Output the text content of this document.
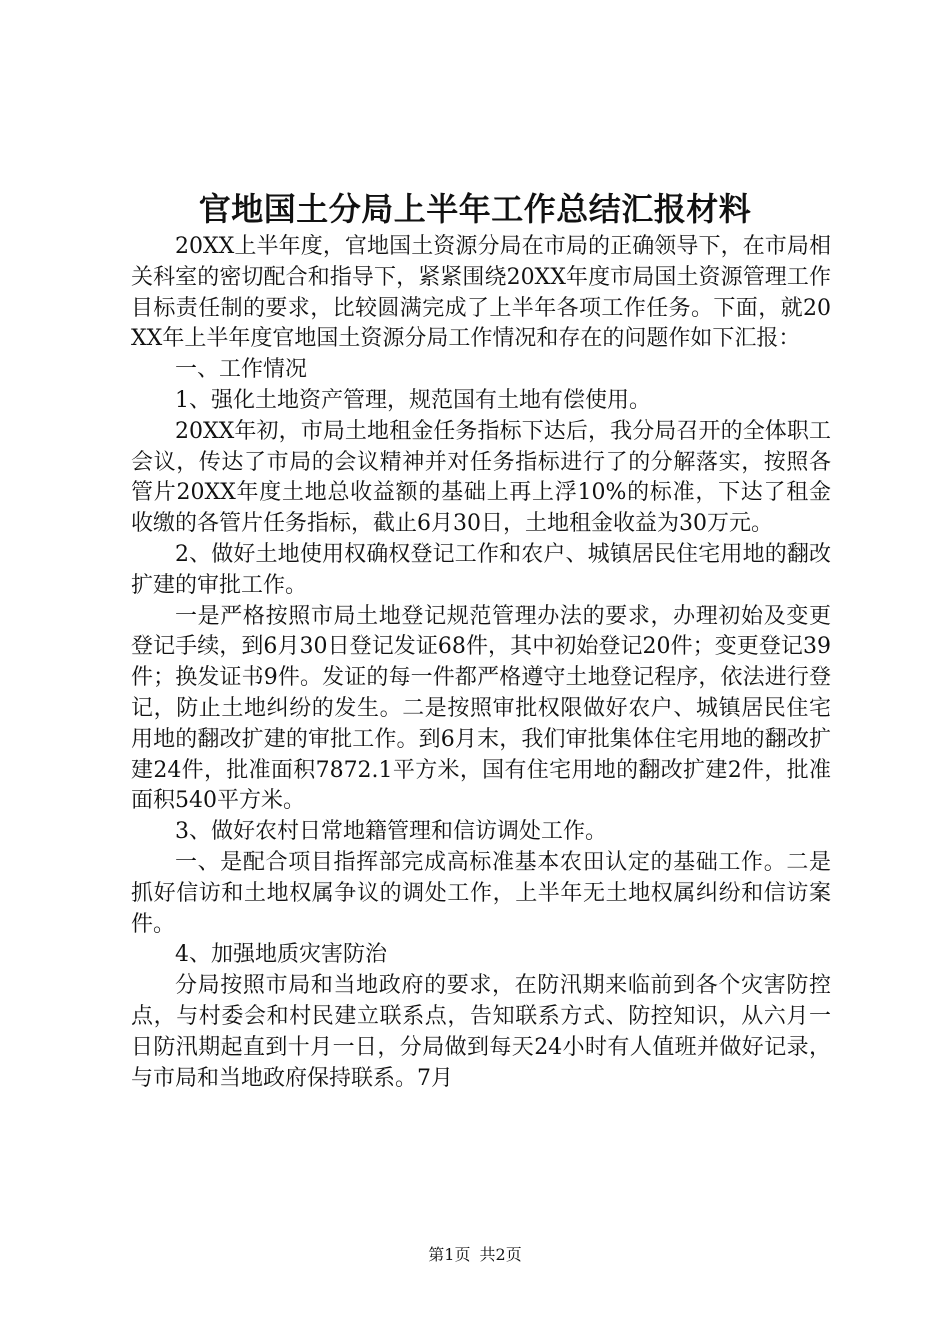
官地国土分局上半年工作总结汇报材料

20XX上半年度，官地国土资源分局在市局的正确领导下，在市局相关科室的密切配合和指导下，紧紧围绕20XX年度市局国土资源管理工作目标责任制的要求，比较圆满完成了上半年各项工作任务。下面，就20XX年上半年度官地国土资源分局工作情况和存在的问题作如下汇报：

一、工作情况

1、强化土地资产管理，规范国有土地有偿使用。

20XX年初，市局土地租金任务指标下达后，我分局召开的全体职工会议，传达了市局的会议精神并对任务指标进行了的分解落实，按照各管片20XX年度土地总收益额的基础上再上浮10%的标准，下达了租金收缴的各管片任务指标，截止6月30日，土地租金收益为30万元。

2、做好土地使用权确权登记工作和农户、城镇居民住宅用地的翻改扩建的审批工作。

一是严格按照市局土地登记规范管理办法的要求，办理初始及变更登记手续，到6月30日登记发证68件，其中初始登记20件；变更登记39件；换发证书9件。发证的每一件都严格遵守土地登记程序，依法进行登记，防止土地纠纷的发生。二是按照审批权限做好农户、城镇居民住宅用地的翻改扩建的审批工作。到6月末，我们审批集体住宅用地的翻改扩建24件，批准面积7872.1平方米，国有住宅用地的翻改扩建2件，批准面积540平方米。

3、做好农村日常地籍管理和信访调处工作。

一、是配合项目指挥部完成高标准基本农田认定的基础工作。二是抓好信访和土地权属争议的调处工作，上半年无土地权属纠纷和信访案件。

4、加强地质灾害防治

分局按照市局和当地政府的要求，在防汛期来临前到各个灾害防控点，与村委会和村民建立联系点，告知联系方式、防控知识，从六月一日防汛期起直到十月一日，分局做到每天24小时有人值班并做好记录，与市局和当地政府保持联系。7月

第1页 共2页
